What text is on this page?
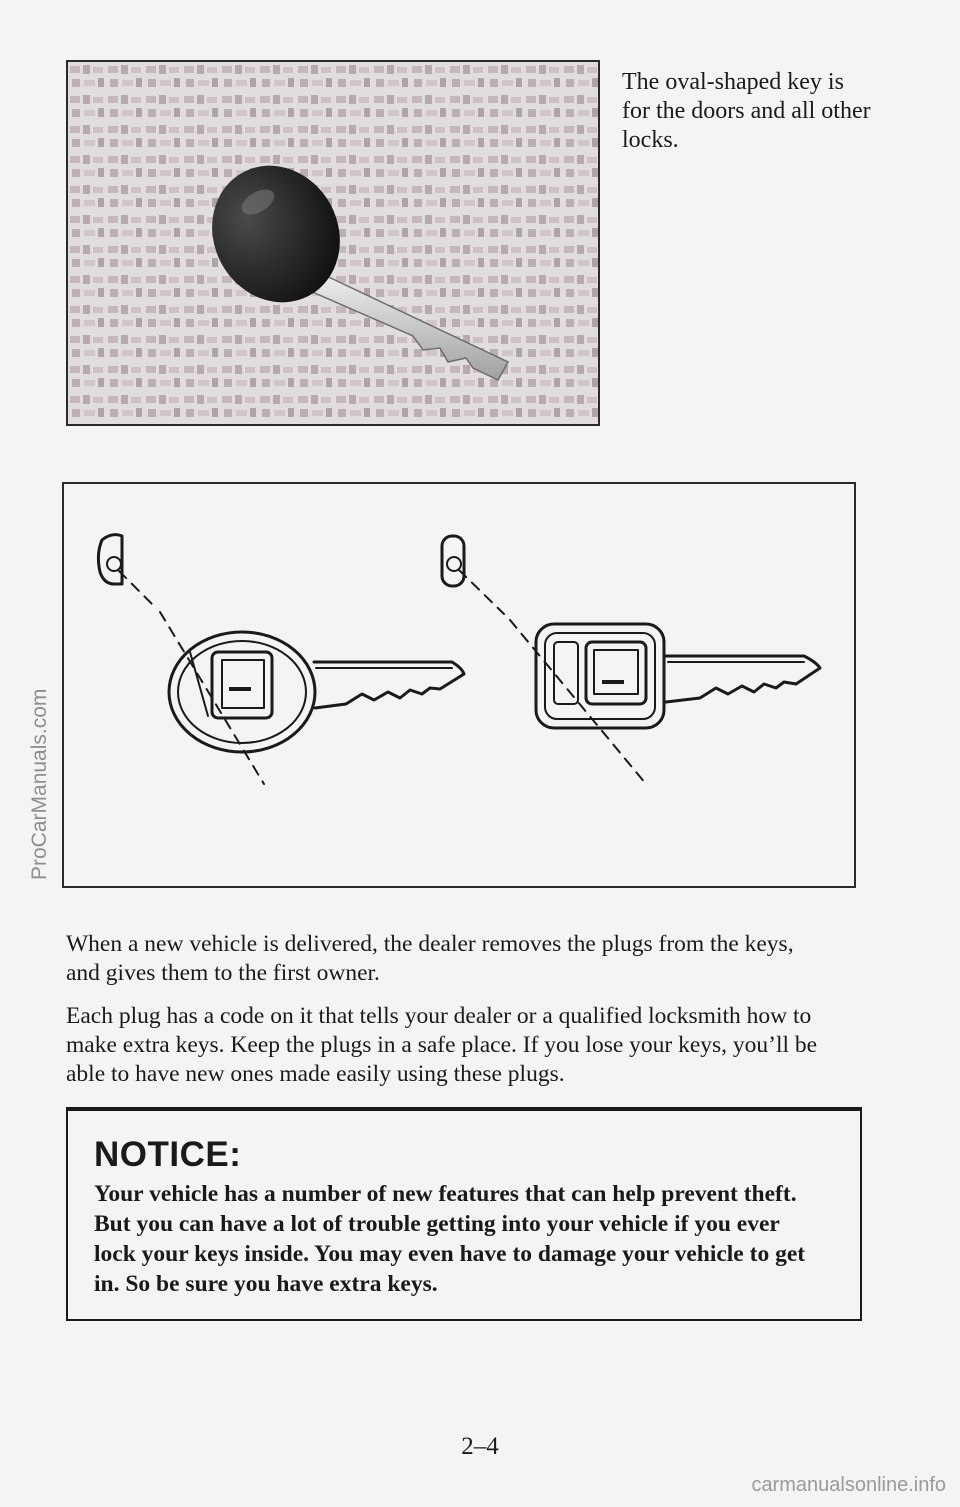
The oval-shaped key is for the doors and all other locks.
When a new vehicle is delivered, the dealer removes the plugs from the keys, and gives them to the first owner.
Each plug has a code on it that tells your dealer or a qualified locksmith how to make extra keys. Keep the plugs in a safe place. If you lose your keys, you’ll be able to have new ones made easily using these plugs.
NOTICE:
Your vehicle has a number of new features that can help prevent theft. But you can have a lot of trouble getting into your vehicle if you ever lock your keys inside. You may even have to damage your vehicle to get in. So be sure you have extra keys.
2–4
ProCarManuals.com
carmanualsonline.info
